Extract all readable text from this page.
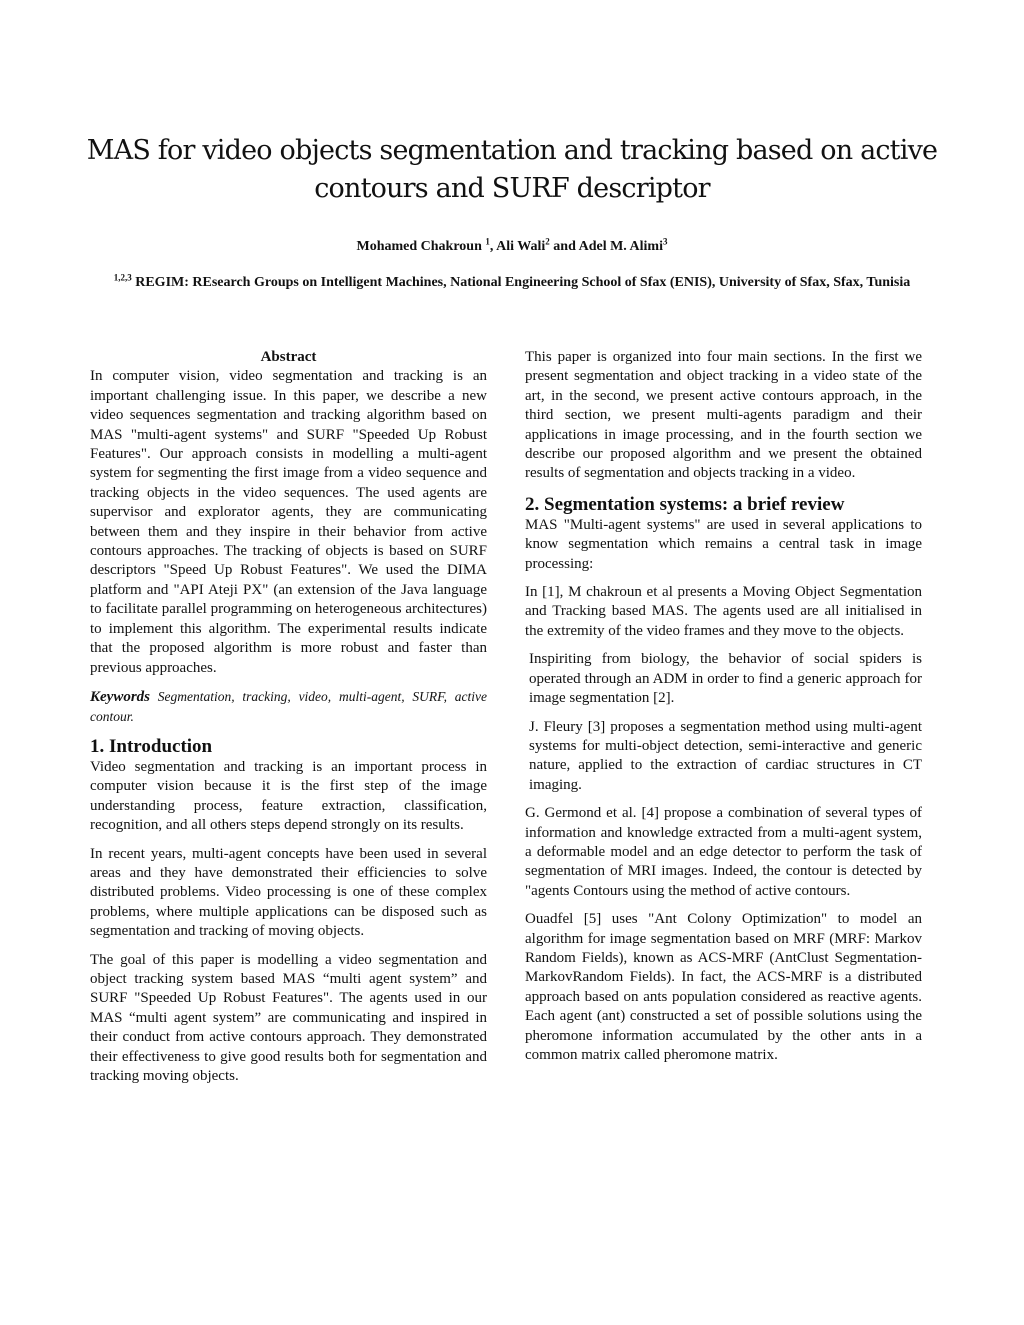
MAS for video objects segmentation and tracking based on active contours and SURF descriptor
Mohamed Chakroun $^1$, Ali Wali$^2$ and Adel M. Alimi$^3$
$^{1,2,3}$ REGIM: REsearch Groups on Intelligent Machines, National Engineering School of Sfax (ENIS), University of Sfax, Sfax, Tunisia
Abstract

In computer vision, video segmentation and tracking is an important challenging issue. In this paper, we describe a new video sequences segmentation and tracking algorithm based on MAS "multi-agent systems" and SURF "Speeded Up Robust Features". Our approach consists in modelling a multi-agent system for segmenting the first image from a video sequence and tracking objects in the video sequences. The used agents are supervisor and explorator agents, they are communicating between them and they inspire in their behavior from active contours approaches. The tracking of objects is based on SURF descriptors "Speed Up Robust Features". We used the DIMA platform and "API Ateji PX" (an extension of the Java language to facilitate parallel programming on heterogeneous architectures) to implement this algorithm. The experimental results indicate that the proposed algorithm is more robust and faster than previous approaches.

Keywords Segmentation, tracking, video, multi-agent, SURF, active contour.
1. Introduction

Video segmentation and tracking is an important process in computer vision because it is the first step of the image understanding process, feature extraction, classification, recognition, and all others steps depend strongly on its results.

In recent years, multi-agent concepts have been used in several areas and they have demonstrated their efficiencies to solve distributed problems. Video processing is one of these complex problems, where multiple applications can be disposed such as segmentation and tracking of moving objects.

The goal of this paper is modelling a video segmentation and object tracking system based MAS “multi agent system” and SURF "Speeded Up Robust Features". The agents used in our MAS “multi agent system” are communicating and inspired in their conduct from active contours approach. They demonstrated their effectiveness to give good results both for segmentation and tracking moving objects.

This paper is organized into four main sections. In the first we present segmentation and object tracking in a video state of the art, in the second, we present active contours approach, in the third section, we present multi-agents paradigm and their applications in image processing, and in the fourth section we describe our proposed algorithm and we present the obtained results of segmentation and objects tracking in a video.

2. Segmentation systems: a brief review

MAS "Multi-agent systems" are used in several applications to know segmentation which remains a central task in image processing:

In [1], M chakroun et al presents a Moving Object Segmentation and Tracking based MAS. The agents used are all initialised in the extremity of the video frames and they move to the objects.

Inspiriting from biology, the behavior of social spiders is operated through an ADM in order to find a generic approach for image segmentation [2].

J. Fleury [3] proposes a segmentation method using multi-agent systems for multi-object detection, semi-interactive and generic nature, applied to the extraction of cardiac structures in CT imaging.

G. Germond et al. [4] propose a combination of several types of information and knowledge extracted from a multi-agent system, a deformable model and an edge detector to perform the task of segmentation of MRI images. Indeed, the contour is detected by "agents Contours using the method of active contours.

Ouadfel [5] uses "Ant Colony Optimization" to model an algorithm for image segmentation based on MRF (MRF: Markov Random Fields), known as ACS-MRF (AntClust Segmentation-MarkovRandom Fields). In fact, the ACS-MRF is a distributed approach based on ants population considered as reactive agents. Each agent (ant) constructed a set of possible solutions using the pheromone information accumulated by the other ants in a common matrix called pheromone matrix.
